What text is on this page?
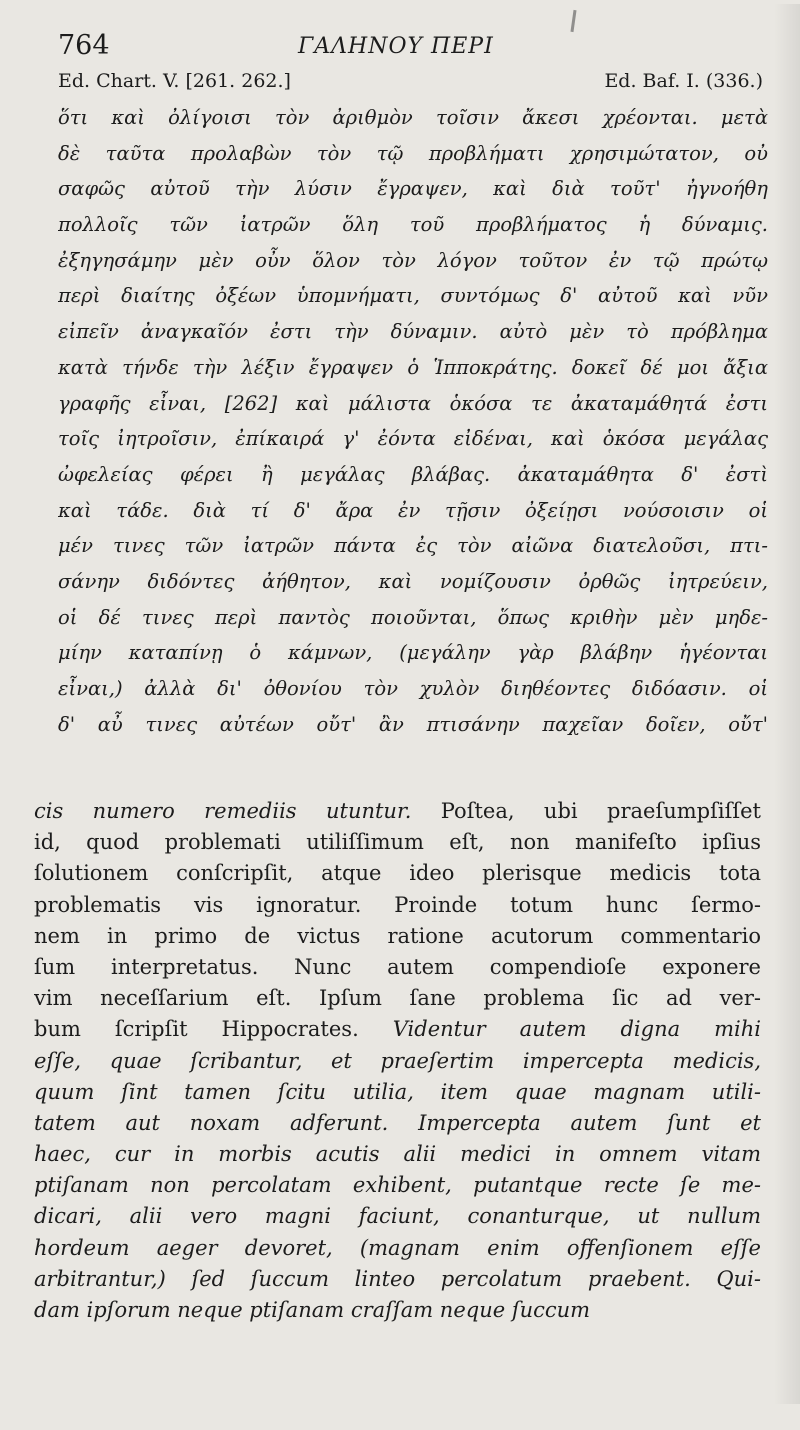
764	ΓΑΛΗΝΟΥ ΠΕΡΙ
Ed. Chart. V. [261. 262.]	Ed. Baf. I. (336.)
ὅτι καὶ ὀλίγοισι τὸν ἀριθμὸν τοῖσιν ἄκεσι χρέονται. μετὰ
δὲ ταῦτα προλαβὼν τὸν τῷ προβλήματι χρησιμώτατον, οὐ
σαφῶς αὐτοῦ τὴν λύσιν ἔγραψεν, καὶ διὰ τοῦτ' ἠγνοήθη
πολλοῖς τῶν ἰατρῶν ὅλη τοῦ προβλήματος ἡ δύναμις.
ἐξηγησάμην μὲν οὖν ὅλον τὸν λόγον τοῦτον ἐν τῷ πρώτῳ
περὶ διαίτης ὀξέων ὑπομνήματι, συντόμως δ' αὐτοῦ καὶ νῦν
εἰπεῖν ἀναγκαῖόν ἐστι τὴν δύναμιν. αὐτὸ μὲν τὸ πρόβλημα
κατὰ τήνδε τὴν λέξιν ἔγραψεν ὁ Ἱπποκράτης. δοκεῖ δέ μοι ἄξια
γραφῆς εἶναι, [262] καὶ μάλιστα ὁκόσα τε ἀκαταμάθητά ἐστι
τοῖς ἰητροῖσιν, ἐπίκαιρά γ' ἐόντα εἰδέναι, καὶ ὁκόσα μεγάλας
ὠφελείας φέρει ἢ μεγάλας βλάβας. ἀκαταμάθητα δ' ἐστὶ
καὶ τάδε. διὰ τί δ' ἄρα ἐν τῇσιν ὀξείῃσι νούσοισιν οἱ
μέν τινες τῶν ἰατρῶν πάντα ἐς τὸν αἰῶνα διατελοῦσι, πτι-
σάνην διδόντες ἀήθητον, καὶ νομίζουσιν ὀρθῶς ἰητρεύειν,
οἱ δέ τινες περὶ παντὸς ποιοῦνται, ὅπως κριθὴν μὲν μηδε-
μίην καταπίνῃ ὁ κάμνων, (μεγάλην γὰρ βλάβην ἡγέονται
εἶναι,) ἀλλὰ δι' ὀθονίου τὸν χυλὸν διηθέοντες διδόασιν. οἱ
δ' αὖ τινες αὐτέων οὔτ' ἂν πτισάνην παχεῖαν δοῖεν, οὔτ'
cis numero remediis utuntur. Poſtea, ubi praeſumpſiſſet
id, quod problemati utiliſſimum eſt, non manifeſto ipſius
ſolutionem conſcripſit, atque ideo plerisque medicis tota
problematis vis ignoratur. Proinde totum hunc ſermo-
nem in primo de victus ratione acutorum commentario
ſum interpretatus. Nunc autem compendioſe exponere
vim neceſſarium eſt. Ipſum ſane problema ſic ad ver-
bum ſcripſit Hippocrates. Videntur autem digna mihi
eſſe, quae ſcribantur, et praeſertim impercepta medicis,
quum ſint tamen ſcitu utilia, item quae magnam utili-
tatem aut noxam adferunt. Impercepta autem ſunt et
haec, cur in morbis acutis alii medici in omnem vitam
ptiſanam non percolatam exhibent, putantque recte ſe me-
dicari, alii vero magni faciunt, conanturque, ut nullum
hordeum aeger devoret, (magnam enim offenſionem eſſe
arbitrantur,) ſed ſuccum linteo percolatum praebent. Qui-
dam ipſorum neque ptiſanam craſſam neque ſuccum
